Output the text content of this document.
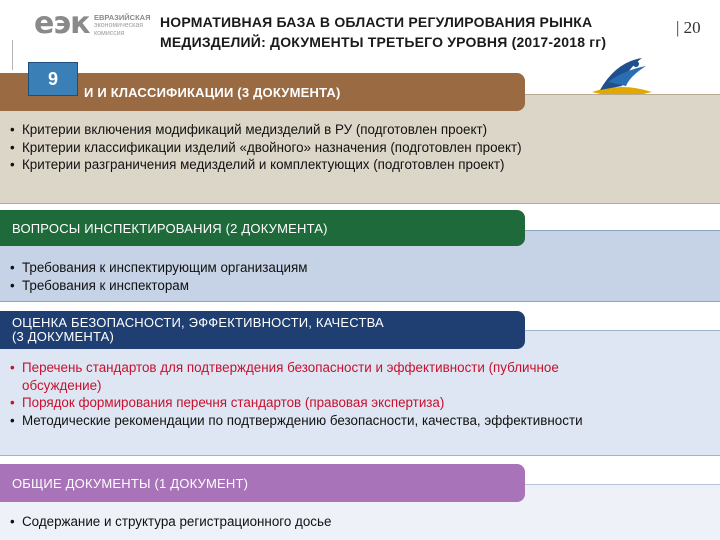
еэк ЕВРАЗИЙСКАЯ
экономическая
комиссия
НОРМАТИВНАЯ БАЗА В ОБЛАСТИ РЕГУЛИРОВАНИЯ РЫНКА
МЕДИЗДЕЛИЙ: ДОКУМЕНТЫ ТРЕТЬЕГО УРОВНЯ (2017-2018 гг)
| 20
• Критерии включения модификаций медизделий в РУ (подготовлен проект)
• Критерии классификации изделий «двойного» назначения (подготовлен проект)
• Критерии разграничения медизделий и комплектующих (подготовлен проект)
И И КЛАССИФИКАЦИИ (3 ДОКУМЕНТА)
9
• Требования к инспектирующим организациям
• Требования к инспекторам
ВОПРОСЫ ИНСПЕКТИРОВАНИЯ (2 ДОКУМЕНТА)
• Перечень стандартов для подтверждения безопасности и эффективности (публичное обсуждение)
• Порядок формирования перечня стандартов (правовая экспертиза)
• Методические рекомендации по подтверждению безопасности, качества, эффективности
ОЦЕНКА БЕЗОПАСНОСТИ, ЭФФЕКТИВНОСТИ, КАЧЕСТВА
(3 ДОКУМЕНТА)
• Содержание и структура регистрационного досье
ОБЩИЕ ДОКУМЕНТЫ (1 ДОКУМЕНТ)
